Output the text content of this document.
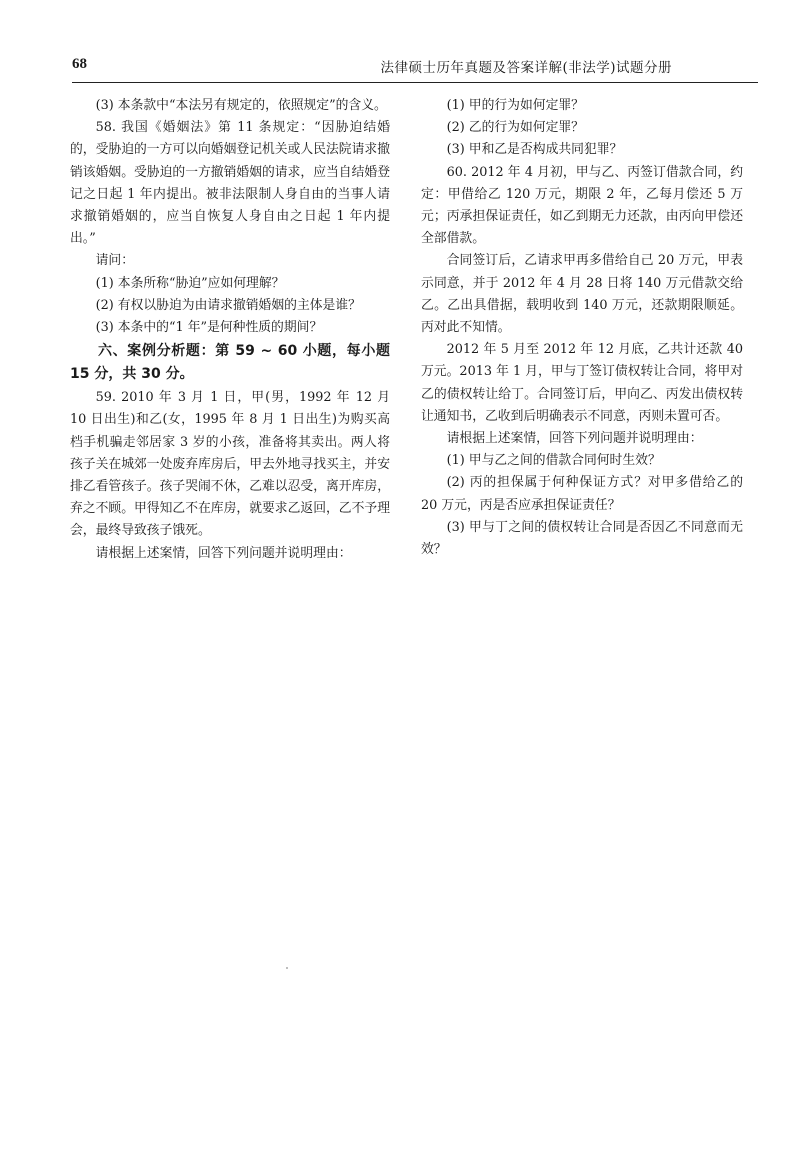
68	法律硕士历年真题及答案详解(非法学)试题分册

(3) 本条款中“本法另有规定的，依照规定”的含义。

58. 我国《婚姻法》第 11 条规定：“因胁迫结婚的，受胁迫的一方可以向婚姻登记机关或人民法院请求撤销该婚姻。受胁迫的一方撤销婚姻的请求，应当自结婚登记之日起 1 年内提出。被非法限制人身自由的当事人请求撤销婚姻的，应当自恢复人身自由之日起 1 年内提出。”

请问：

(1) 本条所称“胁迫”应如何理解？

(2) 有权以胁迫为由请求撤销婚姻的主体是谁？

(3) 本条中的“1 年”是何种性质的期间？

六、案例分析题：第 59 ~ 60 小题，每小题 15 分，共 30 分。

59. 2010 年 3 月 1 日，甲(男，1992 年 12 月 10 日出生)和乙(女，1995 年 8 月 1 日出生)为购买高档手机骗走邻居家 3 岁的小孩，准备将其卖出。两人将孩子关在城郊一处废弃库房后，甲去外地寻找买主，并安排乙看管孩子。孩子哭闹不休，乙难以忍受，离开库房，弃之不顾。甲得知乙不在库房，就要求乙返回，乙不予理会，最终导致孩子饿死。

请根据上述案情，回答下列问题并说明理由：

(1) 甲的行为如何定罪？

(2) 乙的行为如何定罪？

(3) 甲和乙是否构成共同犯罪？

60. 2012 年 4 月初，甲与乙、丙签订借款合同，约定：甲借给乙 120 万元，期限 2 年，乙每月偿还 5 万元；丙承担保证责任，如乙到期无力还款，由丙向甲偿还全部借款。

合同签订后，乙请求甲再多借给自己 20 万元，甲表示同意，并于 2012 年 4 月 28 日将 140 万元借款交给乙。乙出具借据，载明收到 140 万元，还款期限顺延。丙对此不知情。

2012 年 5 月至 2012 年 12 月底，乙共计还款 40 万元。2013 年 1 月，甲与丁签订债权转让合同，将甲对乙的债权转让给丁。合同签订后，甲向乙、丙发出债权转让通知书，乙收到后明确表示不同意，丙则未置可否。

请根据上述案情，回答下列问题并说明理由：

(1) 甲与乙之间的借款合同何时生效？

(2) 丙的担保属于何种保证方式？对甲多借给乙的 20 万元，丙是否应承担保证责任？

(3) 甲与丁之间的债权转让合同是否因乙不同意而无效？
